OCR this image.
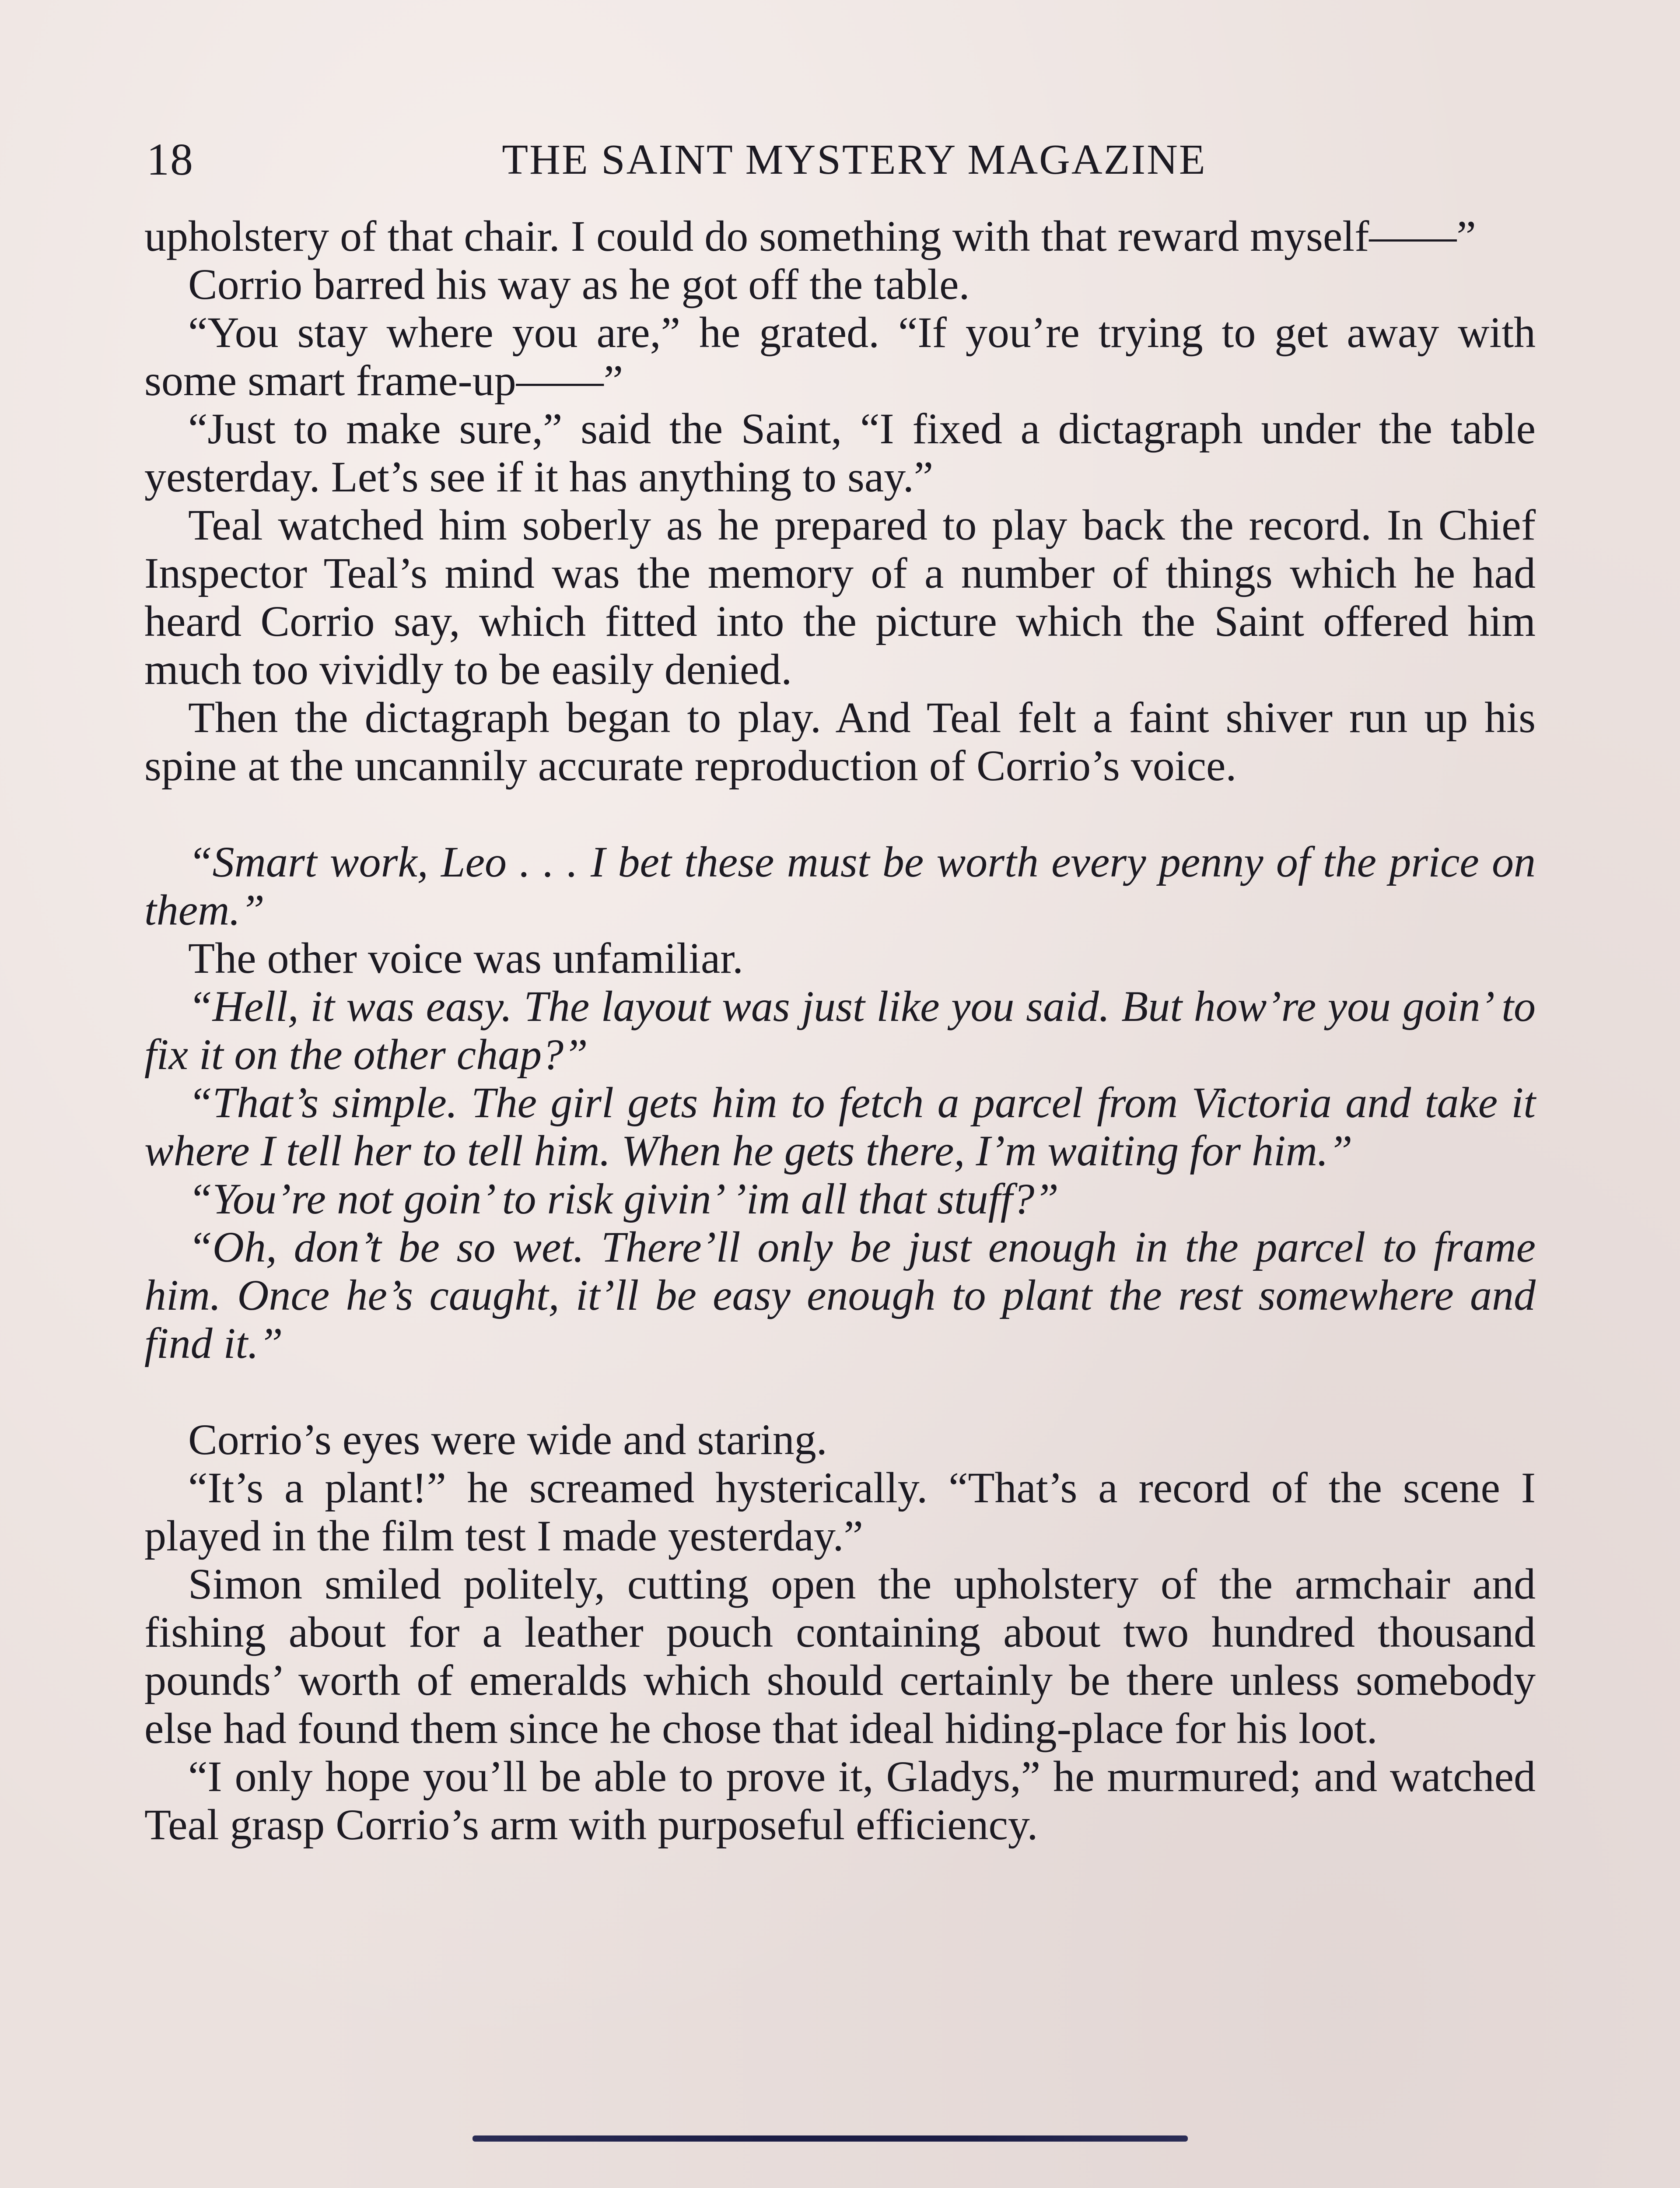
18	THE SAINT MYSTERY MAGAZINE

upholstery of that chair. I could do something with that reward myself——”

Corrio barred his way as he got off the table.

“You stay where you are,” he grated. “If you’re trying to get away with some smart frame-up——”

“Just to make sure,” said the Saint, “I fixed a dictagraph under the table yesterday. Let’s see if it has anything to say.”

Teal watched him soberly as he prepared to play back the record. In Chief Inspector Teal’s mind was the memory of a number of things which he had heard Corrio say, which fitted into the picture which the Saint offered him much too vividly to be easily denied.

Then the dictagraph began to play. And Teal felt a faint shiver run up his spine at the uncannily accurate reproduction of Corrio’s voice.

“Smart work, Leo . . . I bet these must be worth every penny of the price on them.”

The other voice was unfamiliar.

“Hell, it was easy. The layout was just like you said. But how’re you goin’ to fix it on the other chap?”

“That’s simple. The girl gets him to fetch a parcel from Victoria and take it where I tell her to tell him. When he gets there, I’m waiting for him.”

“You’re not goin’ to risk givin’ ’im all that stuff?”

“Oh, don’t be so wet. There’ll only be just enough in the parcel to frame him. Once he’s caught, it’ll be easy enough to plant the rest somewhere and find it.”

Corrio’s eyes were wide and staring.

“It’s a plant!” he screamed hysterically. “That’s a record of the scene I played in the film test I made yesterday.”

Simon smiled politely, cutting open the upholstery of the armchair and fishing about for a leather pouch containing about two hundred thousand pounds’ worth of emeralds which should certainly be there unless somebody else had found them since he chose that ideal hiding-place for his loot.

“I only hope you’ll be able to prove it, Gladys,” he murmured; and watched Teal grasp Corrio’s arm with purposeful efficiency.
